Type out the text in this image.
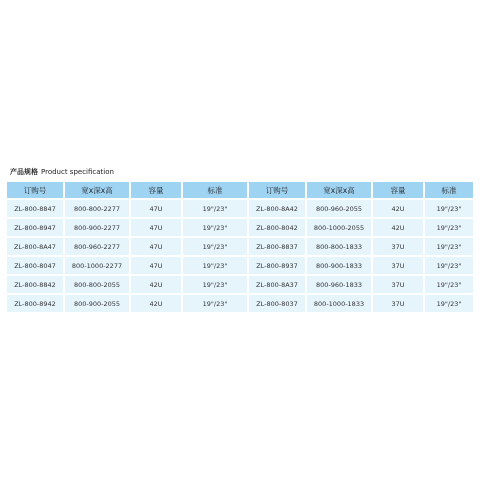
产品规格 Product specification
订购号	宽x深x高	容量	标准	订购号	宽x深x高	容量	标准
ZL-800-8847	800-800-2277	47U	19"/23"	ZL-800-8A42	800-960-2055	42U	19"/23"
ZL-800-8947	800-900-2277	47U	19"/23"	ZL-800-8042	800-1000-2055	42U	19"/23"
ZL-800-8A47	800-960-2277	47U	19"/23"	ZL-800-8837	800-800-1833	37U	19"/23"
ZL-800-8047	800-1000-2277	47U	19"/23"	ZL-800-8937	800-900-1833	37U	19"/23"
ZL-800-8842	800-800-2055	42U	19"/23"	ZL-800-8A37	800-960-1833	37U	19"/23"
ZL-800-8942	800-900-2055	42U	19"/23"	ZL-800-8037	800-1000-1833	37U	19"/23"
